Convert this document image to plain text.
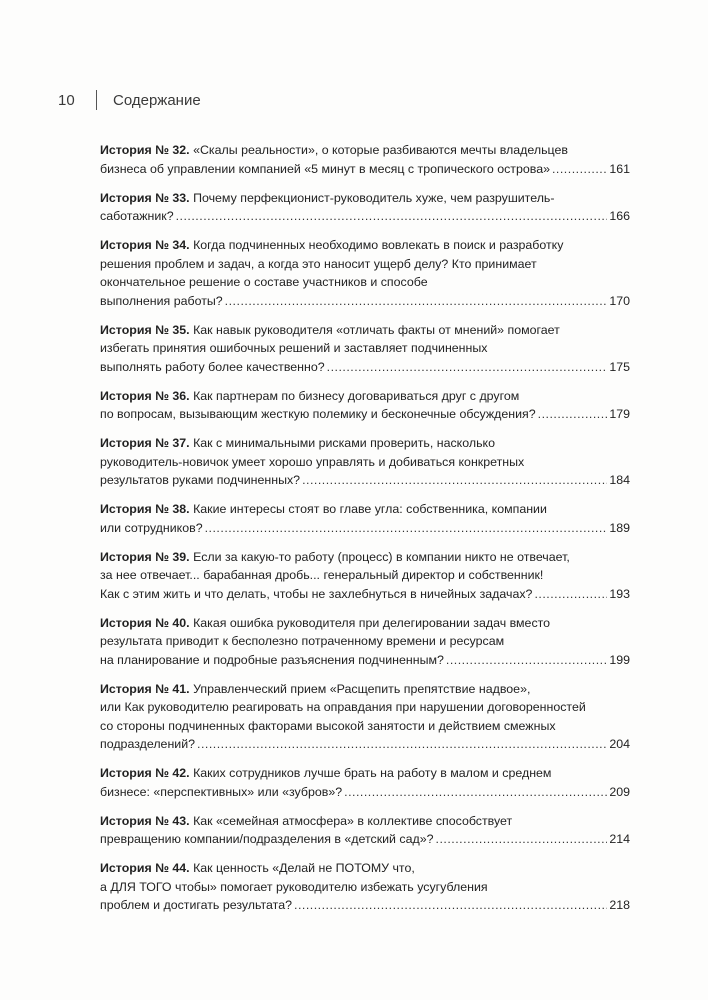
10	Содержание
История № 32. «Скалы реальности», о которые разбиваются мечты владельцев
бизнеса об управлении компанией «5 минут в месяц с тропического острова» .....	161
История № 33. Почему перфекционист-руководитель хуже, чем разрушитель-
саботажник? .....	166
История № 34. Когда подчиненных необходимо вовлекать в поиск и разработку
решения проблем и задач, а когда это наносит ущерб делу? Кто принимает
окончательное решение о составе участников и способе
выполнения работы? .....	170
История № 35. Как навык руководителя «отличать факты от мнений» помогает
избегать принятия ошибочных решений и заставляет подчиненных
выполнять работу более качественно? .....	175
История № 36. Как партнерам по бизнесу договариваться друг с другом
по вопросам, вызывающим жесткую полемику и бесконечные обсуждения? .....	179
История № 37. Как с минимальными рисками проверить, насколько
руководитель-новичок умеет хорошо управлять и добиваться конкретных
результатов руками подчиненных? .....	184
История № 38. Какие интересы стоят во главе угла: собственника, компании
или сотрудников? .....	189
История № 39. Если за какую-то работу (процесс) в компании никто не отвечает,
за нее отвечает... барабанная дробь... генеральный директор и собственник!
Как с этим жить и что делать, чтобы не захлебнуться в ничейных задачах? .....	193
История № 40. Какая ошибка руководителя при делегировании задач вместо
результата приводит к бесполезно потраченному времени и ресурсам
на планирование и подробные разъяснения подчиненным? .....	199
История № 41. Управленческий прием «Расщепить препятствие надвое»,
или Как руководителю реагировать на оправдания при нарушении договоренностей
со стороны подчиненных факторами высокой занятости и действием смежных
подразделений? .....	204
История № 42. Каких сотрудников лучше брать на работу в малом и среднем
бизнесе: «перспективных» или «зубров»? .....	209
История № 43. Как «семейная атмосфера» в коллективе способствует
превращению компании/подразделения в «детский сад»? .....	214
История № 44. Как ценность «Делай не ПОТОМУ что,
а ДЛЯ ТОГО чтобы» помогает руководителю избежать усугубления
проблем и достигать результата? .....	218
